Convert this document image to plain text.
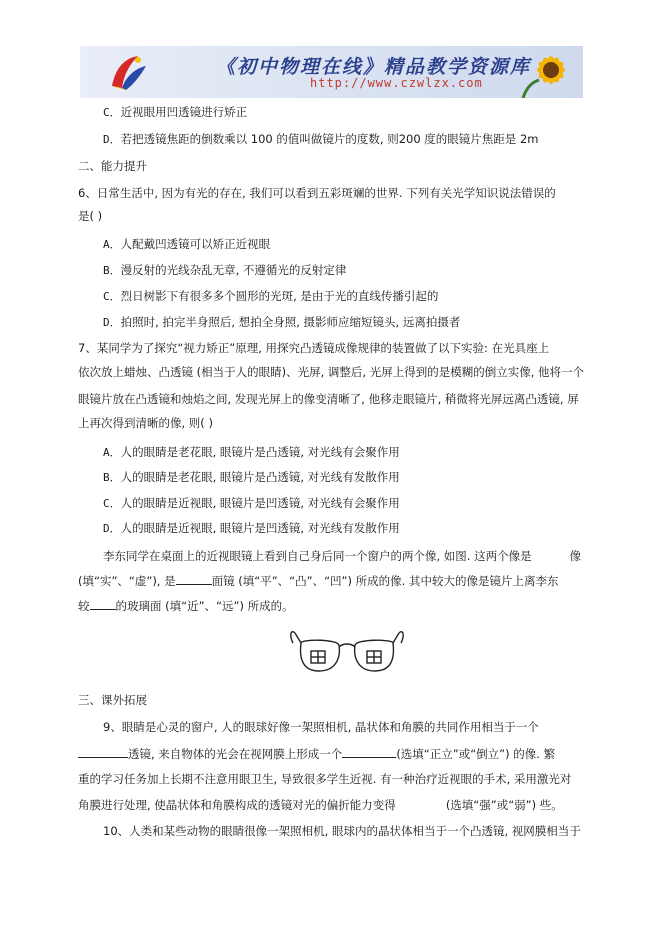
《初中物理在线》精品教学资源库
http://www.czwlzx.com
C．近视眼用凹透镜进行矫正
D．若把透镜焦距的倒数乘以 100 的值叫做镜片的度数, 则200 度的眼镜片焦距是 2m
二、能力提升
6、日常生活中, 因为有光的存在, 我们可以看到五彩斑斓的世界. 下列有关光学知识说法错误的
是( )
A．人配戴凹透镜可以矫正近视眼
B．漫反射的光线杂乱无章, 不遵循光的反射定律
C．烈日树影下有很多多个圆形的光斑, 是由于光的直线传播引起的
D．拍照时, 拍完半身照后, 想拍全身照, 摄影师应缩短镜头, 远离拍摄者
7、某同学为了探究“视力矫正”原理, 用探究凸透镜成像规律的装置做了以下实验: 在光具座上
依次放上蜡烛、凸透镜 (相当于人的眼睛)、光屏, 调整后, 光屏上得到的是模糊的倒立实像, 他将一个
眼镜片放在凸透镜和烛焰之间, 发现光屏上的像变清晰了, 他移走眼镜片, 稍微将光屏远离凸透镜, 屏
上再次得到清晰的像, 则( )
A．人的眼睛是老花眼, 眼镜片是凸透镜, 对光线有会聚作用
B．人的眼睛是老花眼, 眼镜片是凸透镜, 对光线有发散作用
C．人的眼睛是近视眼, 眼镜片是凹透镜, 对光线有会聚作用
D．人的眼睛是近视眼, 眼镜片是凹透镜, 对光线有发散作用
李东同学在桌面上的近视眼镜上看到自己身后同一个窗户的两个像, 如图. 这两个像是	像
(填“实”、“虚”), 是	面镜 (填“平”、“凸”、“凹”) 所成的像. 其中较大的像是镜片上离李东
较 的玻璃面 (填“近”、“远”) 所成的。
三、课外拓展
9、眼睛是心灵的窗户, 人的眼球好像一架照相机, 晶状体和角膜的共同作用相当于一个
透镜, 来自物体的光会在视网膜上形成一个	(选填“正立”或“倒立”) 的像. 繁
重的学习任务加上长期不注意用眼卫生, 导致很多学生近视. 有一种治疗近视眼的手术, 采用激光对
角膜进行处理, 使晶状体和角膜构成的透镜对光的偏折能力变得	(选填“强”或“弱”) 些。
10、人类和某些动物的眼睛很像一架照相机, 眼球内的晶状体相当于一个凸透镜, 视网膜相当于
